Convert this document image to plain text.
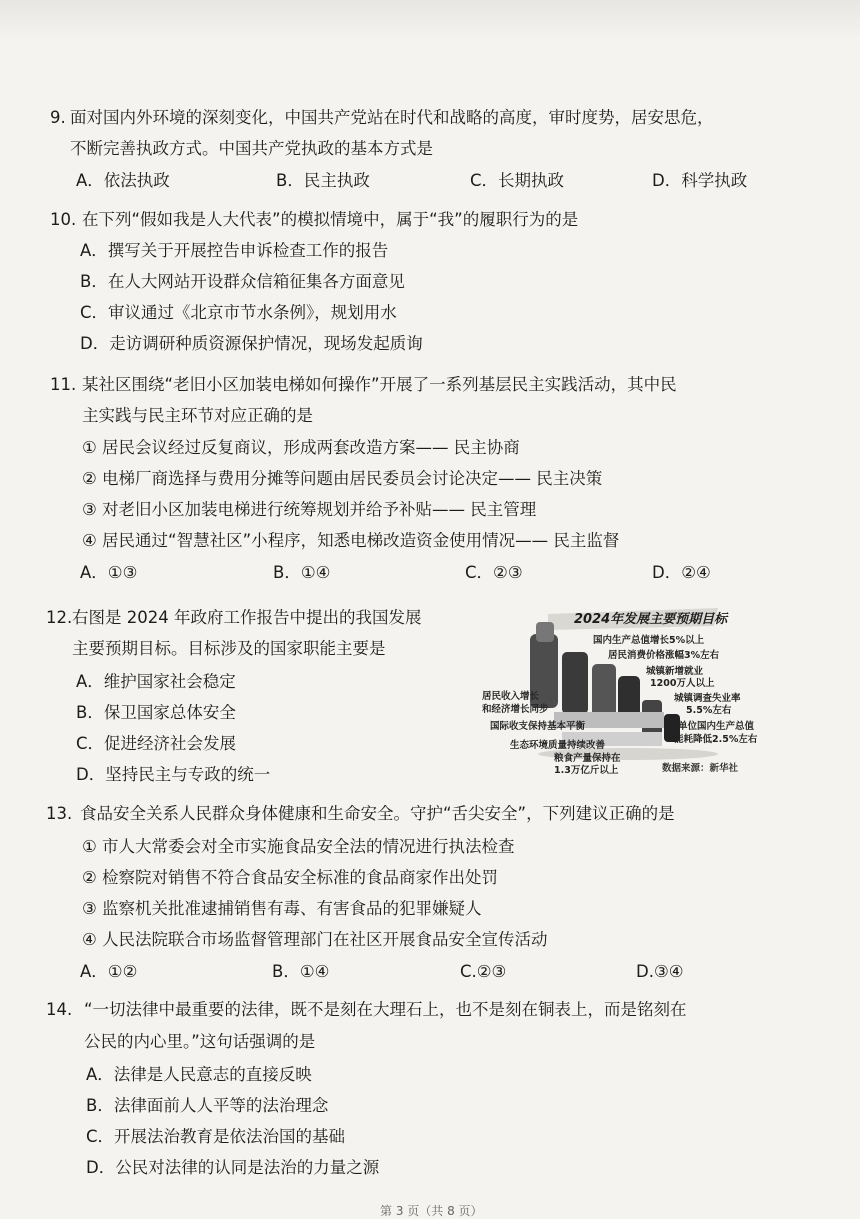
9. 面对国内外环境的深刻变化，中国共产党站在时代和战略的高度，审时度势，居安思危，
不断完善执政方式。中国共产党执政的基本方式是
A．依法执政	B．民主执政	C．长期执政	D．科学执政
10. 在下列“假如我是人大代表”的模拟情境中，属于“我”的履职行为的是
A．撰写关于开展控告申诉检查工作的报告
B．在人大网站开设群众信箱征集各方面意见
C．审议通过《北京市节水条例》，规划用水
D．走访调研种质资源保护情况，现场发起质询
11. 某社区围绕“老旧小区加装电梯如何操作”开展了一系列基层民主实践活动，其中民
主实践与民主环节对应正确的是
① 居民会议经过反复商议，形成两套改造方案—— 民主协商
② 电梯厂商选择与费用分摊等问题由居民委员会讨论决定—— 民主决策
③ 对老旧小区加装电梯进行统筹规划并给予补贴—— 民主管理
④ 居民通过“智慧社区”小程序，知悉电梯改造资金使用情况—— 民主监督
A．①③	B．①④	C．②③	D．②④
12. 右图是 2024 年政府工作报告中提出的我国发展
主要预期目标。目标涉及的国家职能主要是
A．维护国家社会稳定
B．保卫国家总体安全
C．促进经济社会发展
D．坚持民主与专政的统一
2024年发展主要预期目标
国内生产总值增长5%以上
居民消费价格涨幅3%左右
城镇新增就业
1200万人以上
城镇调查失业率
5.5%左右
居民收入增长
和经济增长同步
国际收支保持基本平衡	单位国内生产总值
能耗降低2.5%左右
生态环境质量持续改善
粮食产量保持在
1.3万亿斤以上	数据来源：新华社
13. 食品安全关系人民群众身体健康和生命安全。守护“舌尖安全”，下列建议正确的是
① 市人大常委会对全市实施食品安全法的情况进行执法检查
② 检察院对销售不符合食品安全标准的食品商家作出处罚
③ 监察机关批准逮捕销售有毒、有害食品的犯罪嫌疑人
④ 人民法院联合市场监督管理部门在社区开展食品安全宣传活动
A．①②	B．①④	C.②③	D.③④
14. “一切法律中最重要的法律，既不是刻在大理石上，也不是刻在铜表上，而是铭刻在
公民的内心里。”这句话强调的是
A．法律是人民意志的直接反映
B．法律面前人人平等的法治理念
C．开展法治教育是依法治国的基础
D．公民对法律的认同是法治的力量之源
第 3 页（共 8 页）
